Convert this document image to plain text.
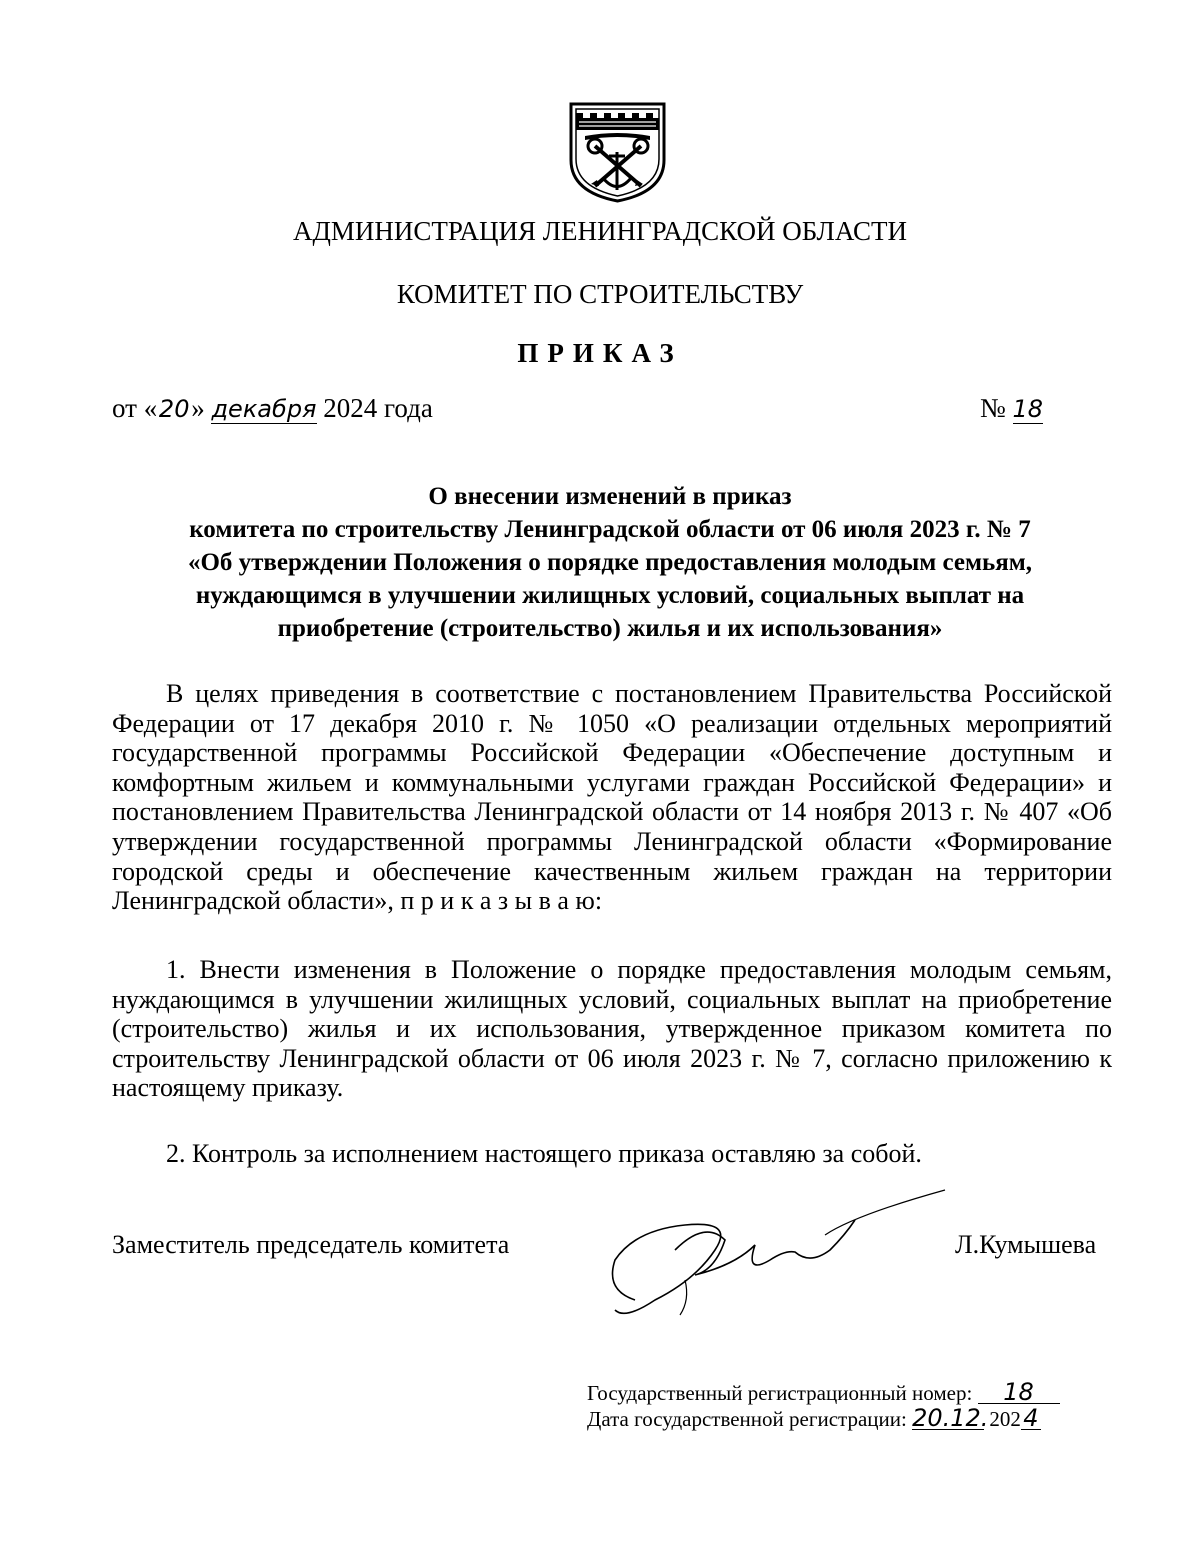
АДМИНИСТРАЦИЯ ЛЕНИНГРАДСКОЙ ОБЛАСТИ
КОМИТЕТ ПО СТРОИТЕЛЬСТВУ
ПРИКАЗ
от «20» декабря 2024 года	№ 18
О внесении изменений в приказ
комитета по строительству Ленинградской области от 06 июля 2023 г. № 7
«Об утверждении Положения о порядке предоставления молодым семьям,
нуждающимся в улучшении жилищных условий, социальных выплат на
приобретение (строительство) жилья и их использования»

В целях приведения в соответствие с постановлением Правительства Российской Федерации от 17 декабря 2010 г. № 1050 «О реализации отдельных мероприятий государственной программы Российской Федерации «Обеспечение доступным и комфортным жильем и коммунальными услугами граждан Российской Федерации» и постановлением Правительства Ленинградской области от 14 ноября 2013 г. № 407 «Об утверждении государственной программы Ленинградской области «Формирование городской среды и обеспечение качественным жильем граждан на территории Ленинградской области», п р и к а з ы в а ю:

1. Внести изменения в Положение о порядке предоставления молодым семьям, нуждающимся в улучшении жилищных условий, социальных выплат на приобретение (строительство) жилья и их использования, утвержденное приказом комитета по строительству Ленинградской области от 06 июля 2023 г. № 7, согласно приложению к настоящему приказу.

2. Контроль за исполнением настоящего приказа оставляю за собой.

Заместитель председатель комитета	Л.Кумышева
Государственный регистрационный номер: 18
Дата государственной регистрации: 20.12. 2024
